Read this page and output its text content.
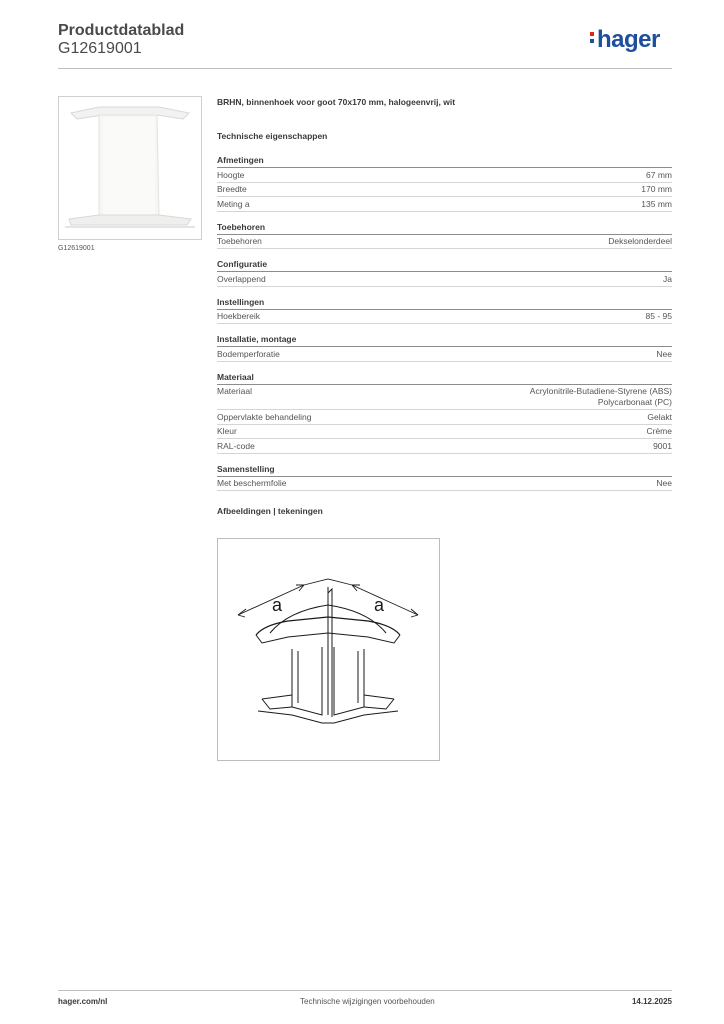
Productdatablad
G12619001	hager
G12619001
BRHN, binnenhoek voor goot 70x170 mm, halogeenvrij, wit
Technische eigenschappen
Afmetingen
Hoogte	67 mm
Breedte	170 mm
Meting a	135 mm
Toebehoren
Toebehoren	Dekselonderdeel
Configuratie
Overlappend	Ja
Instellingen
Hoekbereik	85 - 95
Installatie, montage
Bodemperforatie	Nee
Materiaal
Materiaal	Acrylonitrile-Butadiene-Styrene (ABS)
Polycarbonaat (PC)
Oppervlakte behandeling	Gelakt
Kleur	Crème
RAL-code	9001
Samenstelling
Met beschermfolie	Nee
Afbeeldingen | tekeningen
a	a
hager.com/nl	Technische wijzigingen voorbehouden	14.12.2025
